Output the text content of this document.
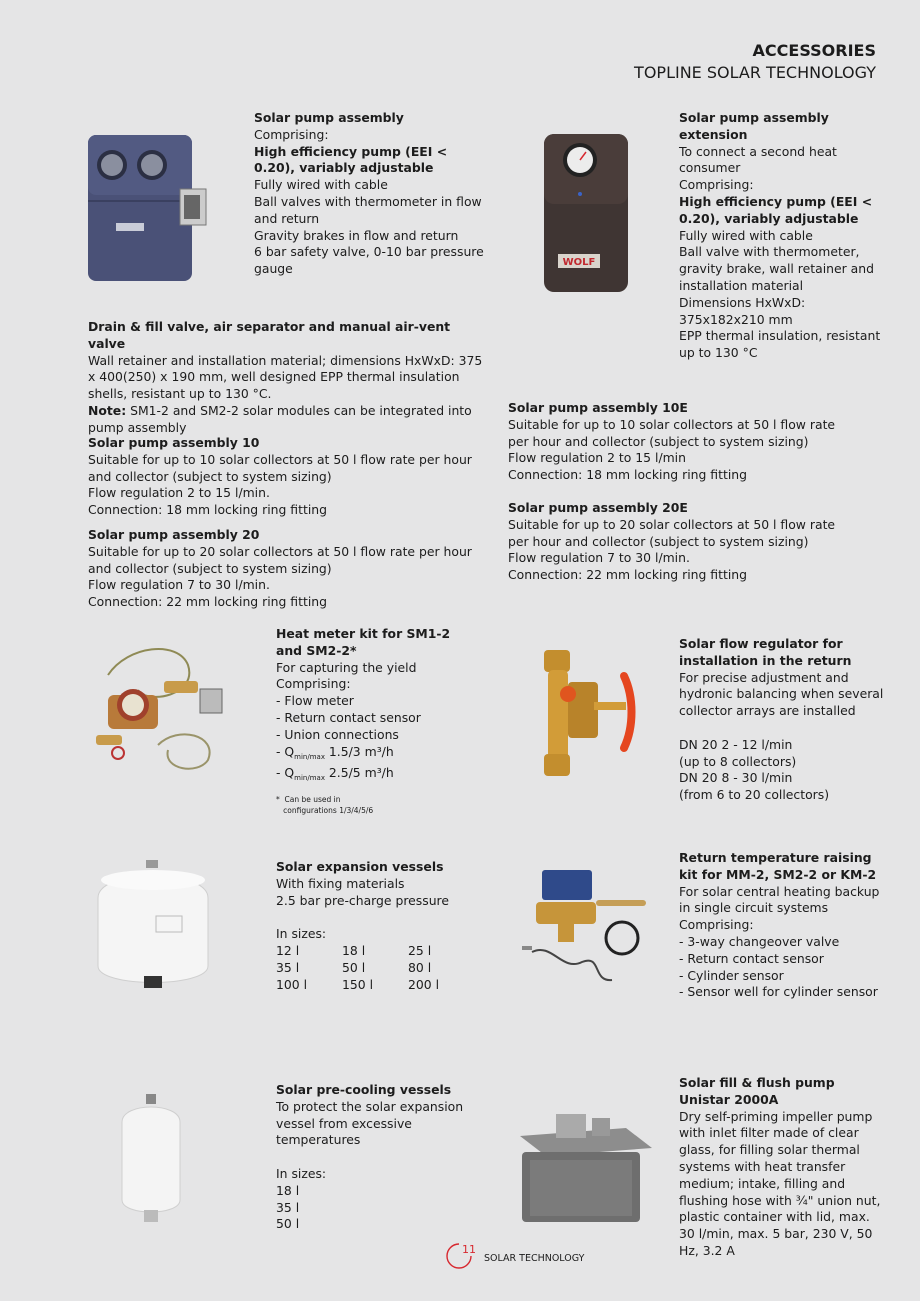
ACCESSORIES
TOPLINE SOLAR TECHNOLOGY
Solar pump assembly
Comprising:
High efficiency pump (EEI < 0.20), variably adjustable
Fully wired with cable
Ball valves with thermometer in flow and return
Gravity brakes in flow and return
6 bar safety valve, 0-10 bar pressure gauge	WOLF
Solar pump assembly extension
To connect a second heat consumer
Comprising:
High efficiency pump (EEI < 0.20), variably adjustable
Fully wired with cable
Ball valve with thermometer, gravity brake, wall retainer and installation material
Dimensions HxWxD: 375x182x210 mm
EPP thermal insulation, resistant up to 130 °C
Drain & fill valve, air separator and manual air-vent valve
Wall retainer and installation material; dimensions HxWxD: 375 x 400(250) x 190 mm, well designed EPP thermal insulation shells, resistant up to 130 °C.
Note: SM1-2 and SM2-2 solar modules can be integrated into pump assembly
Solar pump assembly 10
Suitable for up to 10 solar collectors at 50 l flow rate per hour and collector (subject to system sizing)
Flow regulation 2 to 15 l/min.
Connection: 18 mm locking ring fitting
Solar pump assembly 20
Suitable for up to 20 solar collectors at 50 l flow rate per hour and collector (subject to system sizing)
Flow regulation 7 to 30 l/min.
Connection: 22 mm locking ring fitting
Solar pump assembly 10E
Suitable for up to 10 solar collectors at 50 l flow rate per hour and collector (subject to system sizing)
Flow regulation 2 to 15 l/min
Connection: 18 mm locking ring fitting
Solar pump assembly 20E
Suitable for up to 20 solar collectors at 50 l flow rate per hour and collector (subject to system sizing)
Flow regulation 7 to 30 l/min.
Connection: 22 mm locking ring fitting
Heat meter kit for SM1-2 and SM2-2*
For capturing the yield
Comprising:
- Flow meter
- Return contact sensor
- Union connections
- $Q_{min/max}$ 1.5/3 m³/h
- $Q_{min/max}$ 2.5/5 m³/h
*  Can be used in
configurations 1/3/4/5/6
Solar flow regulator for installation in the return
For precise adjustment and hydronic balancing when several collector arrays are installed
DN 20 2 - 12 l/min
(up to 8 collectors)
DN 20 8 - 30 l/min
(from 6 to 20 collectors)
Solar expansion vessels
With fixing materials
2.5 bar pre-charge pressure
In sizes:
12 l	18 l	25 l
35 l	50 l	80 l
100 l	150 l	200 l
Return temperature raising kit for MM-2, SM2-2 or KM-2
For solar central heating backup in single circuit systems
Comprising:
- 3-way changeover valve
- Return contact sensor
- Cylinder sensor
- Sensor well for cylinder sensor
Solar pre-cooling vessels
To protect the solar expansion vessel from excessive temperatures
In sizes:
18 l
35 l
50 l
Solar fill & flush pump Unistar 2000A
Dry self-priming impeller pump with inlet filter made of clear glass, for filling solar thermal systems with heat transfer medium; intake, filling and flushing hose with ¾" union nut, plastic container with lid, max. 30 l/min, max. 5 bar, 230 V, 50 Hz, 3.2 A
11
SOLAR TECHNOLOGY
